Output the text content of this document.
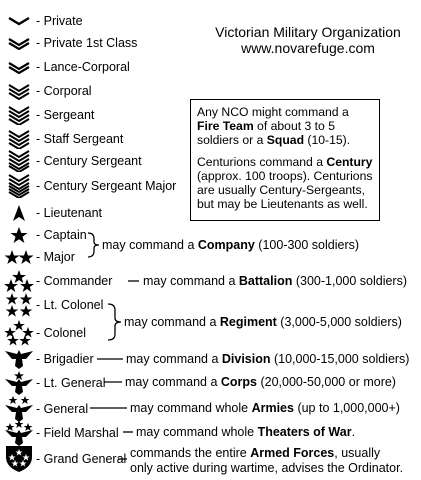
Victorian Military Organization
www.novarefuge.com
- Private
- Private 1st Class
- Lance-Corporal
- Corporal
- Sergeant
- Staff Sergeant
- Century Sergeant
- Century Sergeant Major
- Lieutenant
- Captain
- Major
- Commander
- Lt. Colonel
- Colonel
- Brigadier
- Lt. General
- General
- Field Marshal
- Grand General

Any NCO might command a Fire Team of about 3 to 5 soldiers or a Squad (10-15).

Centurions command a Century (approx. 100 troops). Centurions are usually Century-Sergeants, but may be Lieutenants as well.

may command a Company (100-300 soldiers)
may command a Battalion (300-1,000 soldiers)
may command a Regiment (3,000-5,000 soldiers)
may command a Division (10,000-15,000 soldiers)
may command a Corps (20,000-50,000 or more)
may command whole Armies (up to 1,000,000+)
may command whole Theaters of War.
commands the entire Armed Forces, usually
only active during wartime, advises the Ordinator.
